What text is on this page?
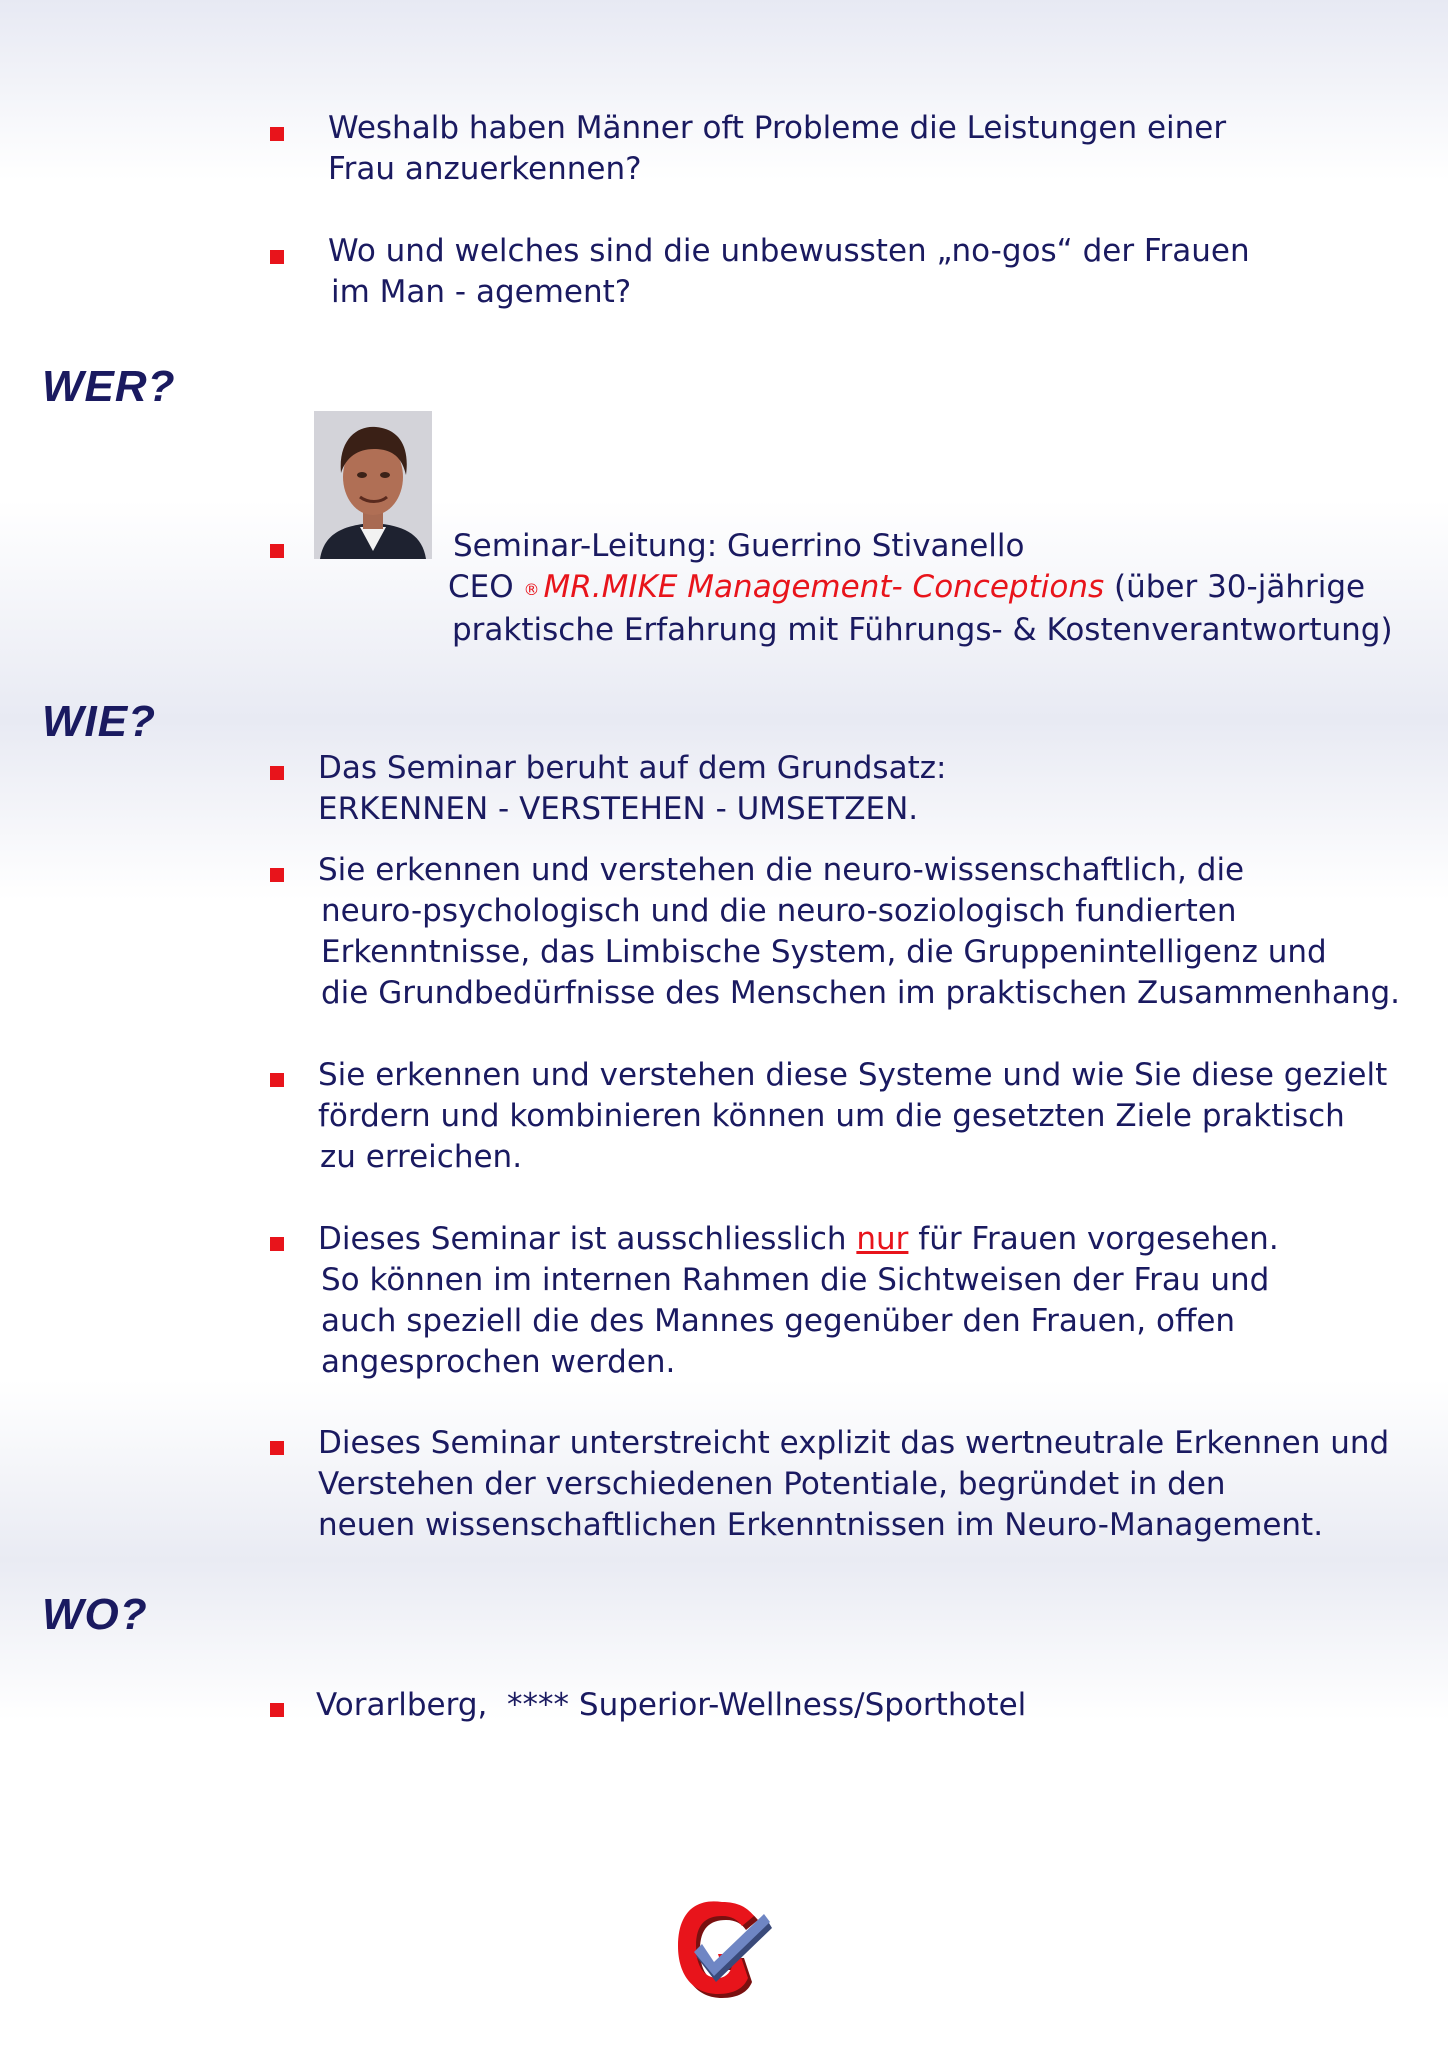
Weshalb haben Männer oft Probleme die Leistungen einer
Frau anzuerkennen?
Wo und welches sind die unbewussten „no-gos“ der Frauen
im Man - agement?
WER?
Seminar-Leitung: Guerrino Stivanello
CEO ® MR.MIKE Management- Conceptions (über 30-jährige
praktische Erfahrung mit Führungs- & Kostenverantwortung)
WIE?
Das Seminar beruht auf dem Grundsatz:
ERKENNEN - VERSTEHEN - UMSETZEN.
Sie erkennen und verstehen die neuro-wissenschaftlich, die
neuro-psychologisch und die neuro-soziologisch fundierten
Erkenntnisse, das Limbische System, die Gruppenintelligenz und
die Grundbedürfnisse des Menschen im praktischen Zusammenhang.
Sie erkennen und verstehen diese Systeme und wie Sie diese gezielt
fördern und kombinieren können um die gesetzten Ziele praktisch
zu erreichen.
Dieses Seminar ist ausschliesslich nur für Frauen vorgesehen.
So können im internen Rahmen die Sichtweisen der Frau und
auch speziell die des Mannes gegenüber den Frauen, offen
angesprochen werden.
Dieses Seminar unterstreicht explizit das wertneutrale Erkennen und
Verstehen der verschiedenen Potentiale, begründet in den
neuen wissenschaftlichen Erkenntnissen im Neuro-Management.
WO?
Vorarlberg,  **** Superior-Wellness/Sporthotel
